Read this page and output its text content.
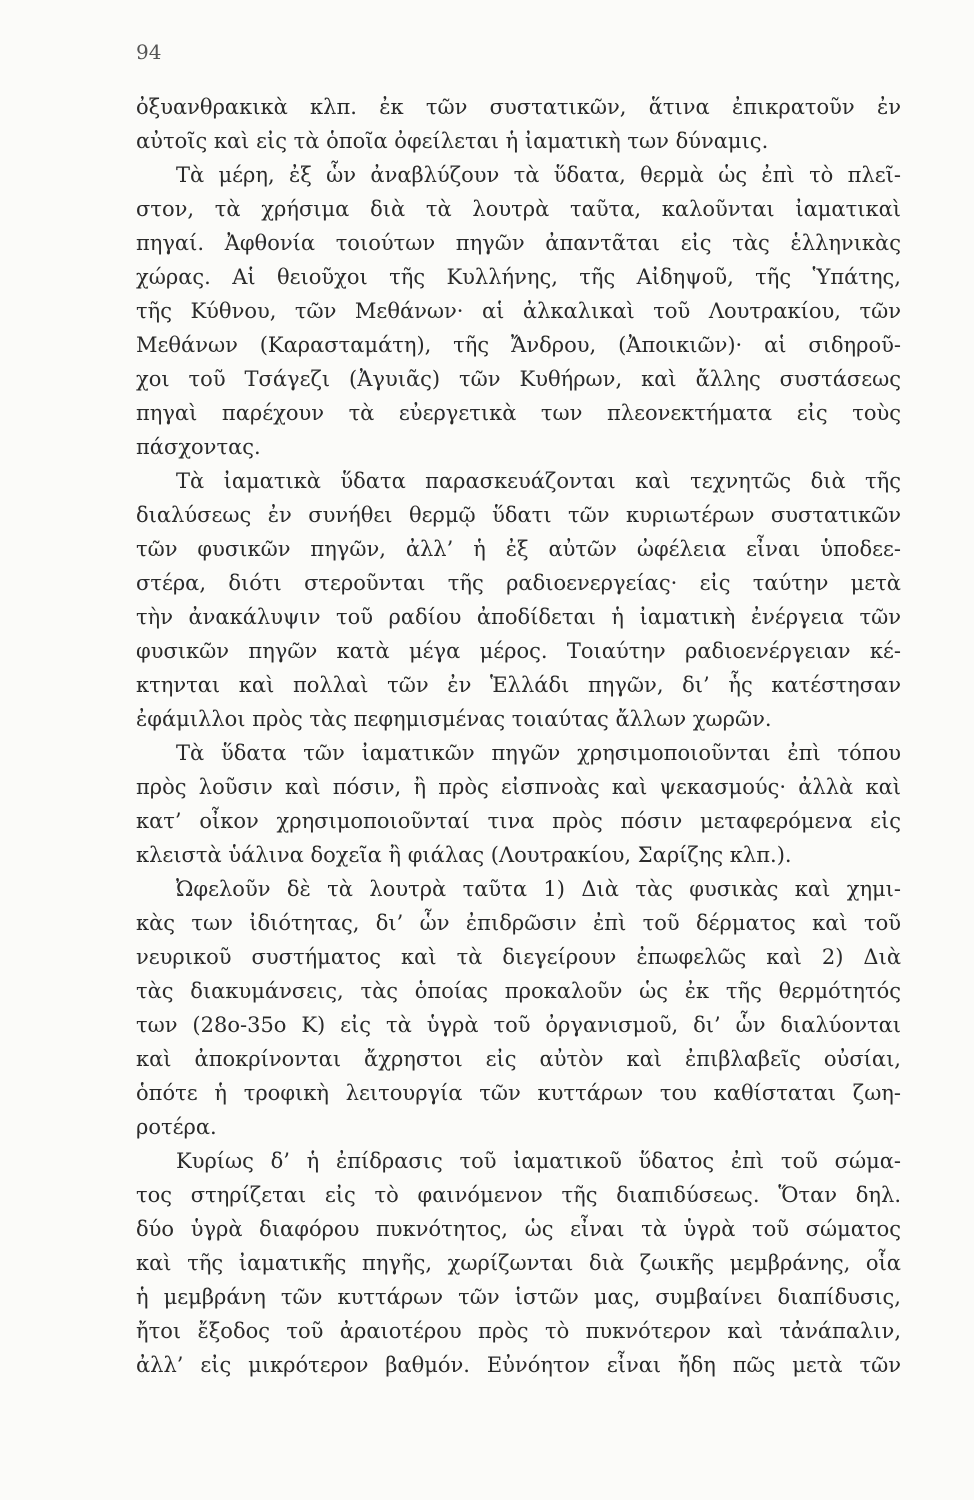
94
ὀξυανθρακικὰ κλπ. ἐκ τῶν συστατικῶν, ἅτινα ἐπικρατοῦν ἐν
αὐτοῖς καὶ εἰς τὰ ὁποῖα ὀφείλεται ἡ ἰαματικὴ των δύναμις.
Τὰ μέρη, ἐξ ὧν ἀναβλύζουν τὰ ὕδατα, θερμὰ ὡς ἐπὶ τὸ πλεῖ-
στον, τὰ χρήσιμα διὰ τὰ λουτρὰ ταῦτα, καλοῦνται ἰαματικαὶ
πηγαί. Ἀφθονία τοιούτων πηγῶν ἀπαντᾶται εἰς τὰς ἑλληνικὰς
χώρας. Αἱ θειοῦχοι τῆς Κυλλήνης, τῆς Αἰδηψοῦ, τῆς Ὑπάτης,
τῆς Κύθνου, τῶν Μεθάνων· αἱ ἀλκαλικαὶ τοῦ Λουτρακίου, τῶν
Μεθάνων (Καρασταμάτη), τῆς Ἄνδρου, (Ἀποικιῶν)· αἱ σιδηροῦ-
χοι τοῦ Τσάγεζι (Ἀγυιᾶς) τῶν Κυθήρων, καὶ ἄλλης συστάσεως
πηγαὶ παρέχουν τὰ εὐεργετικὰ των πλεονεκτήματα εἰς τοὺς
πάσχοντας.
Τὰ ἰαματικὰ ὕδατα παρασκευάζονται καὶ τεχνητῶς διὰ τῆς
διαλύσεως ἐν συνήθει θερμῷ ὕδατι τῶν κυριωτέρων συστατικῶν
τῶν φυσικῶν πηγῶν, ἀλλ’ ἡ ἐξ αὐτῶν ὠφέλεια εἶναι ὑποδεε-
στέρα, διότι στεροῦνται τῆς ραδιοενεργείας· εἰς ταύτην μετὰ
τὴν ἀνακάλυψιν τοῦ ραδίου ἀποδίδεται ἡ ἰαματικὴ ἐνέργεια τῶν
φυσικῶν πηγῶν κατὰ μέγα μέρος. Τοιαύτην ραδιοενέργειαν κέ-
κτηνται καὶ πολλαὶ τῶν ἐν Ἑλλάδι πηγῶν, δι’ ἧς κατέστησαν
ἐφάμιλλοι πρὸς τὰς πεφημισμένας τοιαύτας ἄλλων χωρῶν.
Τὰ ὕδατα τῶν ἰαματικῶν πηγῶν χρησιμοποιοῦνται ἐπὶ τόπου
πρὸς λοῦσιν καὶ πόσιν, ἢ πρὸς εἰσπνοὰς καὶ ψεκασμούς· ἀλλὰ καὶ
κατ’ οἶκον χρησιμοποιοῦνταί τινα πρὸς πόσιν μεταφερόμενα εἰς
κλειστὰ ὑάλινα δοχεῖα ἢ φιάλας (Λουτρακίου, Σαρίζης κλπ.).
Ὠφελοῦν δὲ τὰ λουτρὰ ταῦτα 1) Διὰ τὰς φυσικὰς καὶ χημι-
κὰς των ἰδιότητας, δι’ ὧν ἐπιδρῶσιν ἐπὶ τοῦ δέρματος καὶ τοῦ
νευρικοῦ συστήματος καὶ τὰ διεγείρουν ἐπωφελῶς καὶ 2) Διὰ
τὰς διακυμάνσεις, τὰς ὁποίας προκαλοῦν ὡς ἐκ τῆς θερμότητός
των (28ο-35ο Κ) εἰς τὰ ὑγρὰ τοῦ ὀργανισμοῦ, δι’ ὧν διαλύονται
καὶ ἀποκρίνονται ἄχρηστοι εἰς αὐτὸν καὶ ἐπιβλαβεῖς οὐσίαι,
ὁπότε ἡ τροφικὴ λειτουργία τῶν κυττάρων του καθίσταται ζωη-
ροτέρα.
Κυρίως δ’ ἡ ἐπίδρασις τοῦ ἰαματικοῦ ὕδατος ἐπὶ τοῦ σώμα-
τος στηρίζεται εἰς τὸ φαινόμενον τῆς διαπιδύσεως. Ὅταν δηλ.
δύο ὑγρὰ διαφόρου πυκνότητος, ὡς εἶναι τὰ ὑγρὰ τοῦ σώματος
καὶ τῆς ἰαματικῆς πηγῆς, χωρίζωνται διὰ ζωικῆς μεμβράνης, οἷα
ἡ μεμβράνη τῶν κυττάρων τῶν ἱστῶν μας, συμβαίνει διαπίδυσις,
ἤτοι ἔξοδος τοῦ ἀραιοτέρου πρὸς τὸ πυκνότερον καὶ τἀνάπαλιν,
ἀλλ’ εἰς μικρότερον βαθμόν. Εὐνόητον εἶναι ἤδη πῶς μετὰ τῶν
